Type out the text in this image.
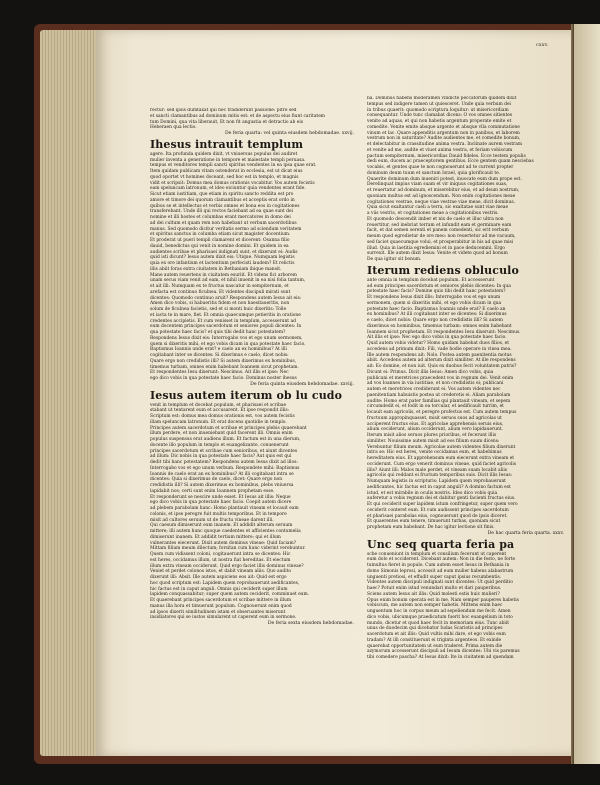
cxxv.

rectur: sed ipsis dumtaxat qui hec tradiderunt passione: pitre sed

et sancti clamantibus ad dominum mitis est: et de aspectu eius fiunt caritatem

tum Domini, qua vita liberauit, Et non fit angustia et detractio ab eis

Heberaen qua lectio.

De feria quarta: vel quinta eiusdem hebdomadae. xxvij.

Ihesus intrauit templum

agere. Ita profunda quidem dixit, vt vniuersus populus dei audiret

mulier inventa a generatione in tempore et maiestate templi peruasa.

tempus et venditores templi sancti spiritus vendentes in ea ipsa quae erat.

Item quidam publicam vitam ostenderat in ecclesia, est ut dicat eius

quod oportet vt homines doceant, sed hoc est in templo, et magnis

vidit et scripsit: Domus mea domus orationis vocabitur. Vos autem fecistis

eam speluncam latronum, et ideo eiciuntur quia vendentes erant fide.

Sicut etiam iustitiam, que etiam in spiritu sancto reddita est pro

amore et timore dei quorum clamantibus et acceptis erat ordo in

quibus se et intellectus et verbis omnes et bona eos in cogitationes

transferebant. Unde illi qui rectos faciebant ad ea quae sunt dei

nomine et illi hostes et columbas erant mercatores in domo dei

ad dei cultum et quam rem non habebant ut verbum sacerdotibus

manus. Sed quomodo dicitur veritatis sermo ad sciendum veritatem

et spiritus sanctus in columba etiam sicut magister docentium.

Et proderat ut pueri templi clamarent et dicerent: Osanna filio

dauid, benedictus qui venit in nomine domini. Et quidem in ea

audientes scribae et pharisaei indignati sunt, et dixerunt ei: Audis

quid isti dicunt? Iesus autem dixit eis: Utique. Numquam legistis

quia ex ore infantium et lactentium perfecisti laudem? Et relictis

illis abiit foras extra ciuitatem in Bethaniam ibique mansit.

Mane autem reuertens in ciuitatem esuriit. Et videns fici arborem

unam secus viam venit ad eam, et nihil inuenit in ea nisi folia tantum,

et ait illi: Numquam ex te fructus nascatur in sempiternum, et

arefacta est continuo ficulnea. Et videntes discipuli mirati sunt

dicentes: Quomodo continuo aruit? Respondens autem Iesus ait eis:

Amen dico vobis, si habueritis fidem et non haesitaueritis, non

solum de ficulnea facietis, sed et si monti huic dixeritis: Tolle

et iacta te in mare, fiet. Et omnia quaecumque petieritis in oratione

credentes accipietis. Et cum venisset in templum, accesserunt ad

eum docentem principes sacerdotum et seniores populi dicentes: In

qua potestate haec facis? et quis tibi dedit hanc potestatem?

Respondens Iesus dixit eis: Interrogabo vos et ego unum sermonem,

quem si dixeritis mihi, et ego vobis dicam in qua potestate haec facio.

Baptismus Ioannis unde erat? e caelo an ex hominibus? At illi

cogitabant inter se dicentes: Si dixerimus e caelo, dicet nobis:

Quare ergo non credidistis illi? Si autem dixerimus ex hominibus,

timemus turbam, omnes enim habebant Ioannem sicut prophetam.

Et respondentes Iesu dixerunt: Nescimus. Ait illis et ipse: Nec

ego dico vobis in qua potestate haec facio. Dominus noster ihesus

De feria quinta eiusdem hebdomadae. xxviij.

Iesus autem iterum ob lu cudo

venit in templum et docebat populum, et pharisaei et scribae

stabant ut tentarent eum et accusarent. Et ipse respondit illis:

Scriptum est: domus mea domus orationis est, vos autem fecistis

illam speluncam latronum. Et erat docens quotidie in templo.

Principes autem sacerdotum et scribae et principes plebis quaerebant

illum perdere, et non inueniebant quid facerent illi. Omnis enim

populus suspensus erat audiens illum. Et factum est in una dierum,

docente illo populum in templo et euangelizante, conuenerunt

principes sacerdotum et scribae cum senioribus, et aiunt dicentes

ad illum: Dic nobis in qua potestate haec facis? Aut quis est qui

dedit tibi hanc potestatem? Respondens autem Iesus dixit ad illos:

Interrogabo vos et ego unum verbum. Respondete mihi: Baptismus

Ioannis de caelo erat an ex hominibus? At illi cogitabant intra se

dicentes: Quia si dixerimus de caelo, dicet: Quare ergo non

credidistis illi? Si autem dixerimus ex hominibus, plebs vniuersa

lapidabit nos; certi sunt enim Ioannem prophetam esse.

Et responderunt se nescire unde esset. Et Iesus ait illis: Neque

ego dico vobis in qua potestate haec facio. Coepit autem dicere

ad plebem parabolam hanc: Homo plantauit vineam et locauit eam

colonis, et ipse peregre fuit multis temporibus. Et in tempore

misit ad cultores seruum ut de fructu vineae darent illi.

Qui caesum dimiserunt eum inanem. Et addidit alterum seruum

mittere; illi autem hunc quoque caedentes et afficientes contumelia

dimiserunt inanem. Et addidit tertium mittere; qui et illum

vulnerantes eiecerunt. Dixit autem dominus vineae: Quid faciam?

Mittam filium meum dilectum; forsitan cum hunc viderint verebuntur.

Quem cum vidissent coloni, cogitauerunt intra se dicentes: Hic

est heres, occidamus illum, ut nostra fiat hereditas. Et eiectum

illum extra vineam occiderunt. Quid ergo faciet illis dominus vineae?

Veniet et perdet colonos istos, et dabit vineam aliis. Quo audito

dixerunt illi: Absit. Ille autem aspiciens eos ait: Quid est ergo

hoc quod scriptum est: Lapidem quem reprobauerunt aedificantes,

hic factus est in caput anguli. Omnis qui ceciderit super illum

lapidem conquassabitur; super quem autem ceciderit, comminuet eum.

Et quaerebant principes sacerdotum et scribae mittere in illum

manus illa hora et timuerunt populum. Cognouerunt enim quod

ad ipsos dixerit similitudinem istam et obseruantes miserunt

insidiatores qui se iustos simularent ut caperent eum in sermone.

De feria sexta eiusdem hebdomadae.

ba. Dominus habens moderamen vindicte peccatorum quidem dixit

tempus sed indigere tamen ut quiesceret. Unde quia verbum dei

in tribus quaerit: quomodo scriptura loquitur: ut misericordiam

consequantur. Unde tunc clamabat dicens: O vos omnes sitientes

venite ad aquas, et qui non habetis argentum properate emite et

comedite. Venite emite absque argento et absque vlla commutatione

vinum et lac. Quare appenditis argentum non in panibus, et laborem

vestrum non in saturitate? Audite audientes me, et comedite bonum,

et delectabitur in crassitudine anima vestra. Inclinate aurem vestram

et venite ad me, audite et viuet anima vestra, et feriam vobiscum

pactum sempiternum, misericordias Dauid fideles. Ecce testem populis

dedi eum, ducem ac praeceptorem gentibus. Ecce gentem quam nesciebas

vocabis, et gentes quae te non cognouerunt ad te current propter

dominum deum tuum et sanctum Israel, quia glorificauit te.

Quaerite dominum dum inueniri potest, inuocate eum dum prope est.

Derelinquat impius viam suam et vir iniquus cogitationes suas,

et reuertatur ad dominum, et miserebitur eius, et ad deum nostrum,

quoniam multus est ad ignoscendum. Non enim cogitationes meae

cogitationes vestrae, neque viae vestrae viae meae, dicit dominus.

Quia sicut exaltantur caeli a terra, sic exaltatae sunt viae meae

a viis vestris, et cogitationes meae a cogitationibus vestris.

Et quomodo descendit imber et nix de caelo et illuc ultra non

reuertitur, sed inebriat terram et infundit eam et germinare eam

facit, et dat semen serenti et panem comedenti, sic erit verbum

meum quod egredietur de ore meo: non reuertetur ad me vacuum,

sed faciet quaecumque volui, et prosperabitur in his ad quae misi

illud. Quia in laetitia egrediemini et in pace deducemini. Ergo

surrexit. Ille autem dixit Iesus: Venite et videte quod ad bonum

De qua igitur sit bonum.

Iterum rediens obluculo

ante omnia in templum docebat populum. Et accesserunt

ad eum principes sacerdotum et seniores plebis dicentes: In qua

potestate haec facis? Domine quis tibi dedit hanc potestatem?

Et respondens Iesus dixit illis: Interrogabo vos et ego unum

sermonem, quem si dixeritis mihi, et ego vobis dicam in qua

potestate haec facio. Baptismus Ioannis unde erat? E caelo an

ex hominibus? At illi cogitabant inter se dicentes: Si dixerimus

e caelo, dicet nobis: Quare ergo non credidistis illi? Si autem

dixerimus ex hominibus, timemus turbam: omnes enim habebant

Ioannem sicut prophetam. Et respondentes Iesu dixerunt: Nescimus.

Ait illis et ipse: Nec ego dico vobis in qua potestate haec facio.

Quid autem vobis videtur? Homo quidam habebat duos filios, et

accedens ad primum dixit: Fili, vade hodie operare in vinea mea.

Ille autem respondens ait: Nolo. Postea autem paenitentia motus

abiit. Accedens autem ad alterum dixit similiter. At ille respondens

ait: Eo domine, et non iuit. Quis ex duobus fecit voluntatem patris?

Dicunt ei: Primus. Dicit illis Iesus: Amen dico vobis, quia

publicani et meretrices praecedent vos in regnum dei. Venit enim

ad vos Ioannes in via iustitiae, et non credidistis ei; publicani

autem et meretrices crediderunt ei. Vos autem videntes nec

paenitentiam habuistis postea ut crederetis ei. Aliam parabolam

audite: Homo erat pater familias qui plantauit vineam, et sepem

circumdedit ei, et fodit in ea torcular, et aedificauit turrim, et

locauit eam agricolis, et peregre profectus est. Cum autem tempus

fructuum appropinquasset, misit seruos suos ad agricolas ut

acciperent fructus eius. Et agricolae apprehensis seruis eius,

alium ceciderunt, alium occiderunt, alium vero lapidauerunt.

Iterum misit alios seruos plures prioribus, et fecerunt illis

similiter. Nouissime autem misit ad eos filium suum dicens:

Verebuntur filium meum. Agricolae autem videntes filium dixerunt

intra se: Hic est heres, venite occidamus eum, et habebimus

hereditatem eius. Et apprehensum eum eiecerunt extra vineam et

occiderunt. Cum ergo venerit dominus vineae, quid faciet agricolis

illis? Aiunt illi: Malos male perdet, et vineam suam locabit aliis

agricolis qui reddant ei fructum temporibus suis. Dicit illis Iesus:

Numquam legistis in scripturis: Lapidem quem reprobauerunt

aedificantes, hic factus est in caput anguli? A domino factum est

istud, et est mirabile in oculis nostris. Ideo dico vobis quia

auferetur a vobis regnum dei et dabitur genti facienti fructus eius.

Et qui ceciderit super lapidem istum confringetur, super quem vero

ceciderit conteret eum. Et cum audissent principes sacerdotum

et pharisaei parabolas eius, cognouerunt quod de ipsis diceret.

Et quaerentes eum tenere, timuerunt turbas, quoniam sicut

prophetam eum habebant. De hac igitur lectione sit finis.

De hac quarta feria quarta. xxxv.

Unc seq quarta feria pa

sche conueniunt in templum et consilium fecerunt ut caperent

eum dolo et occiderent. Dicebant autem: Non in die festo, ne forte

tumultus fieret in populo. Cum autem esset Iesus in Bethania in

domo Simonis leprosi, accessit ad eum mulier habens alabastrum

unguenti pretiosi, et effudit super caput ipsius recumbentis.

Videntes autem discipuli indignati sunt dicentes: Ut quid perditio

haec? Potuit enim istud venundari multo et dari pauperibus.

Sciens autem Iesus ait illis: Quid molesti estis huic mulieri?

Opus enim bonum operata est in me. Nam semper pauperes habetis

vobiscum, me autem non semper habetis. Mittens enim haec

unguentum hoc in corpus meum ad sepeliendum me fecit. Amen

dico vobis, ubicumque praedicatum fuerit hoc euangelium in toto

mundo, dicetur et quod haec fecit in memoriam eius. Tunc abiit

unus de duodecim qui dicebatur Iudas Scariotis ad principes

sacerdotum et ait illis: Quid vultis mihi dare, et ego vobis eum

tradam? At illi constituerunt ei triginta argenteos. Et exinde

quaerebat opportunitatem ut eum traderet. Prima autem die

azymorum accesserunt discipuli ad Iesum dicentes: Ubi vis paremus

tibi comedere pascha? At Iesus dixit: Ite in ciuitatem ad quendam
